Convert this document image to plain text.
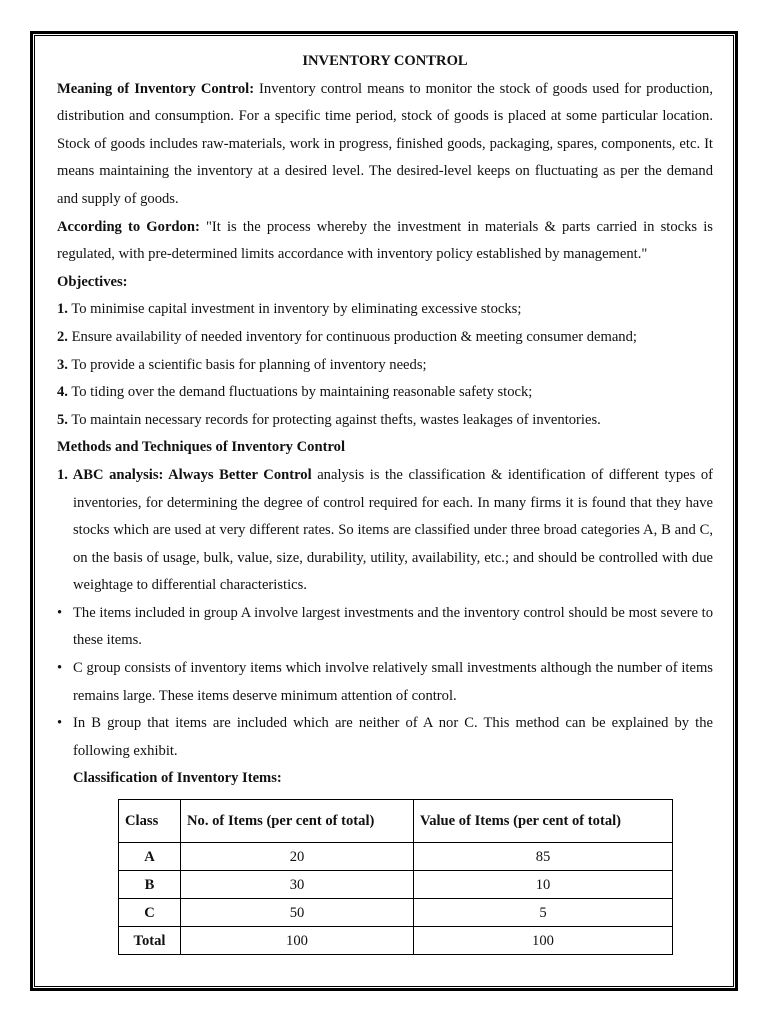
INVENTORY CONTROL

Meaning of Inventory Control: Inventory control means to monitor the stock of goods used for production, distribution and consumption. For a specific time period, stock of goods is placed at some particular location. Stock of goods includes raw-materials, work in progress, finished goods, packaging, spares, components, etc. It means maintaining the inventory at a desired level. The desired-level keeps on fluctuating as per the demand and supply of goods.

According to Gordon: "It is the process whereby the investment in materials & parts carried in stocks is regulated, with pre-determined limits accordance with inventory policy established by management."

Objectives:

1. To minimise capital investment in inventory by eliminating excessive stocks;

2. Ensure availability of needed inventory for continuous production & meeting consumer demand;

3. To provide a scientific basis for planning of inventory needs;

4. To tiding over the demand fluctuations by maintaining reasonable safety stock;

5. To maintain necessary records for protecting against thefts, wastes leakages of inventories.

Methods and Techniques of Inventory Control

1. ABC analysis: Always Better Control analysis is the classification & identification of different types of inventories, for determining the degree of control required for each. In many firms it is found that they have stocks which are used at very different rates. So items are classified under three broad categories A, B and C, on the basis of usage, bulk, value, size, durability, utility, availability, etc.; and should be controlled with due weightage to differential characteristics.

• The items included in group A involve largest investments and the inventory control should be most severe to these items.

• C group consists of inventory items which involve relatively small investments although the number of items remains large. These items deserve minimum attention of control.

• In B group that items are included which are neither of A nor C. This method can be explained by the following exhibit.

Classification of Inventory Items:

Class	No. of Items (per cent of total)	Value of Items (per cent of total)
A	20	85
B	30	10
C	50	5
Total	100	100
